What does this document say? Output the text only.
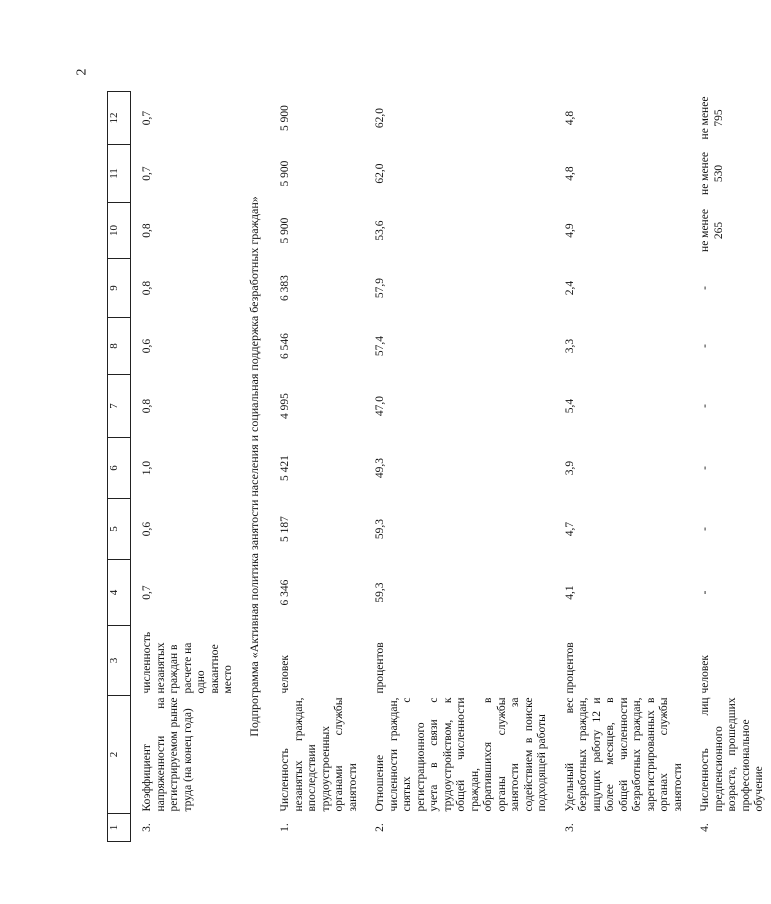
2
1	2	3	4	5	6	7	8	9	10	11	12
3.	Коэффициент напряженности на регистрируемом рынке труда (на конец года)	численность незанятых граждан в расчете на одно вакантное место	0,7	0,6	1,0	0,8	0,6	0,8	0,8	0,7	0,7
Подпрограмма «Активная политика занятости населения и социальная поддержка безработных граждан»											
1.	Численность незанятых граждан, впоследствии трудоустроенных органами службы занятости	человек	6 346	5 187	5 421	4 995	6 546	6 383	5 900	5 900	5 900
2.	Отношение численности граждан, снятых с регистрационного учета в связи с трудоустройством, к общей численности граждан, обратившихся в органы службы занятости за содействием в поиске подходящей работы	процентов	59,3	59,3	49,3	47,0	57,4	57,9	53,6	62,0	62,0
3.	Удельный вес безработных граждан, ищущих работу 12 и более месяцев, в общей численности безработных граждан, зарегистрированных в органах службы занятости	процентов	4,1	4,7	3,9	5,4	3,3	2,4	4,9	4,8	4,8
4.	Численность лиц предпенсионного возраста, прошедших профессиональное обучение	человек	-	-	-	-	-	-	не менее 265	не менее 530	не менее 795
